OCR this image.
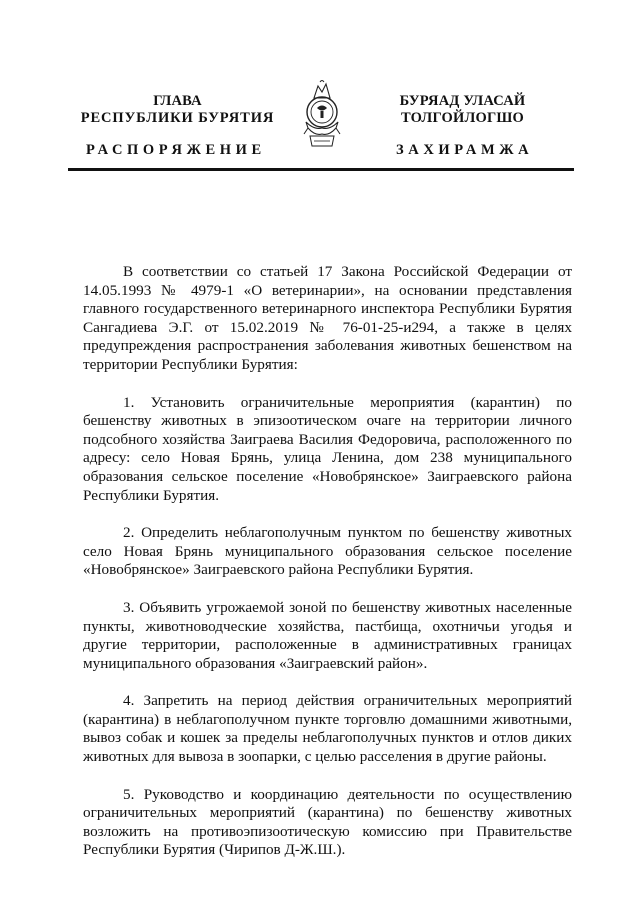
ГЛАВА
РЕСПУБЛИКИ БУРЯТИЯ
БУРЯАД УЛАСАЙ
ТОЛГОЙЛОГШО
РАСПОРЯЖЕНИЕ	ЗАХИРАМЖА

В соответствии со статьей 17 Закона Российской Федерации от 14.05.1993 № 4979-1 «О ветеринарии», на основании представления главного государственного ветеринарного инспектора Республики Бурятия Сангадиева Э.Г. от 15.02.2019 № 76-01-25-и294, а также в целях предупреждения распространения заболевания животных бешенством на территории Республики Бурятия:

1. Установить ограничительные мероприятия (карантин) по бешенству животных в эпизоотическом очаге на территории личного подсобного хозяйства Заиграева Василия Федоровича, расположенного по адресу: село Новая Брянь, улица Ленина, дом 238 муниципального образования сельское поселение «Новобрянское» Заиграевского района Республики Бурятия.

2. Определить неблагополучным пунктом по бешенству животных село Новая Брянь муниципального образования сельское поселение «Новобрянское» Заиграевского района Республики Бурятия.

3. Объявить угрожаемой зоной по бешенству животных населенные пункты, животноводческие хозяйства, пастбища, охотничьи угодья и другие территории, расположенные в административных границах муниципального образования «Заиграевский район».

4. Запретить на период действия ограничительных мероприятий (карантина) в неблагополучном пункте торговлю домашними животными, вывоз собак и кошек за пределы неблагополучных пунктов и отлов диких животных для вывоза в зоопарки, с целью расселения в другие районы.

5. Руководство и координацию деятельности по осуществлению ограничительных мероприятий (карантина) по бешенству животных возложить на противоэпизоотическую комиссию при Правительстве Республики Бурятия (Чирипов Д-Ж.Ш.).
